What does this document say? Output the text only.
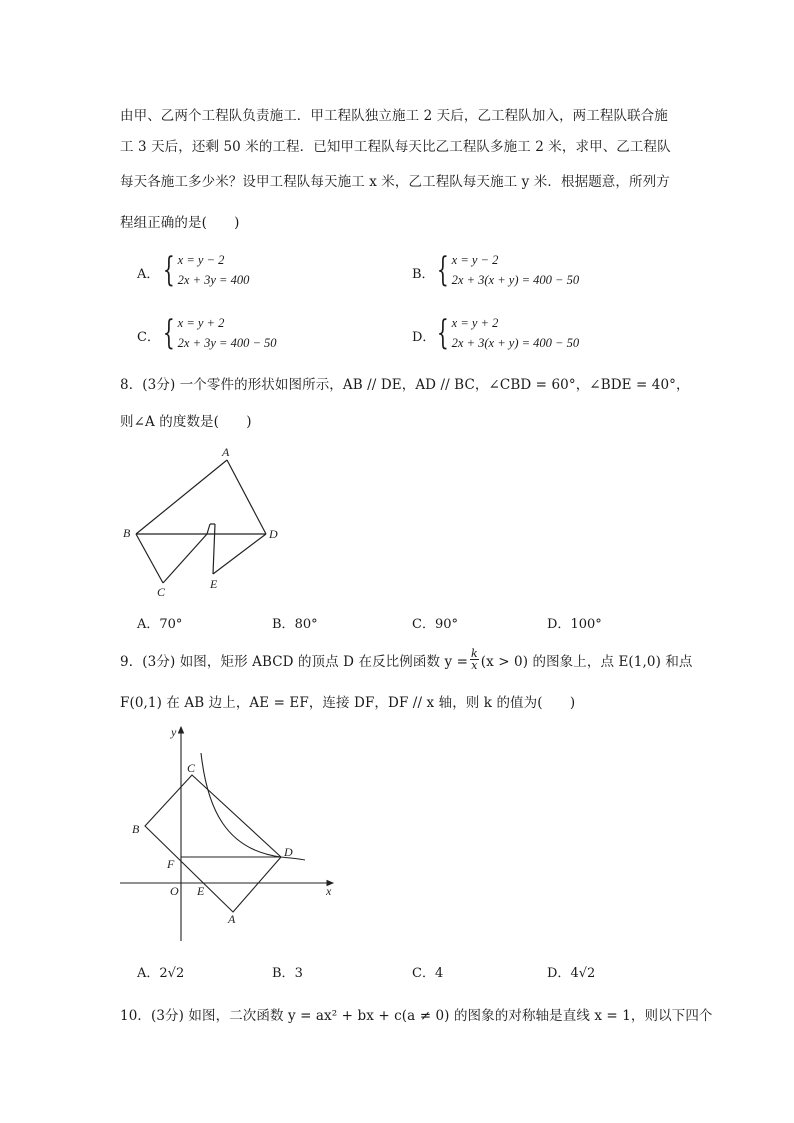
由甲、乙两个工程队负责施工．甲工程队独立施工 2 天后，乙工程队加入，两工程队联合施
工 3 天后，还剩 50 米的工程．已知甲工程队每天比乙工程队多施工 2 米，求甲、乙工程队
每天各施工多少米？设甲工程队每天施工 x 米，乙工程队每天施工 y 米．根据题意，所列方
程组正确的是(　　)
A． { x = y − 2
2x + 3y = 400	B． { x = y − 2
2x + 3(x + y) = 400 − 50
C． { x = y + 2
2x + 3y = 400 − 50	D． { x = y + 2
2x + 3(x + y) = 400 − 50
8．(3分) 一个零件的形状如图所示，AB // DE，AD // BC，∠CBD = 60°，∠BDE = 40°，
则∠A 的度数是(　　)
A
B
C
D
E
A．70°	B．80°	C．90°	D．100°
9．(3分) 如图，矩形 ABCD 的顶点 D 在反比例函数 $y = \frac{k}{x} (x > 0)$ 的图象上，点 E(1,0) 和点
F(0,1) 在 AB 边上，AE = EF，连接 DF，DF // x 轴，则 k 的值为(　　)
y
x
C
B
F
D
O E
A
A．2√2	B．3	C．4	D．4√2
10．(3分) 如图，二次函数 y = ax² + bx + c(a ≠ 0) 的图象的对称轴是直线 x = 1，则以下四个
